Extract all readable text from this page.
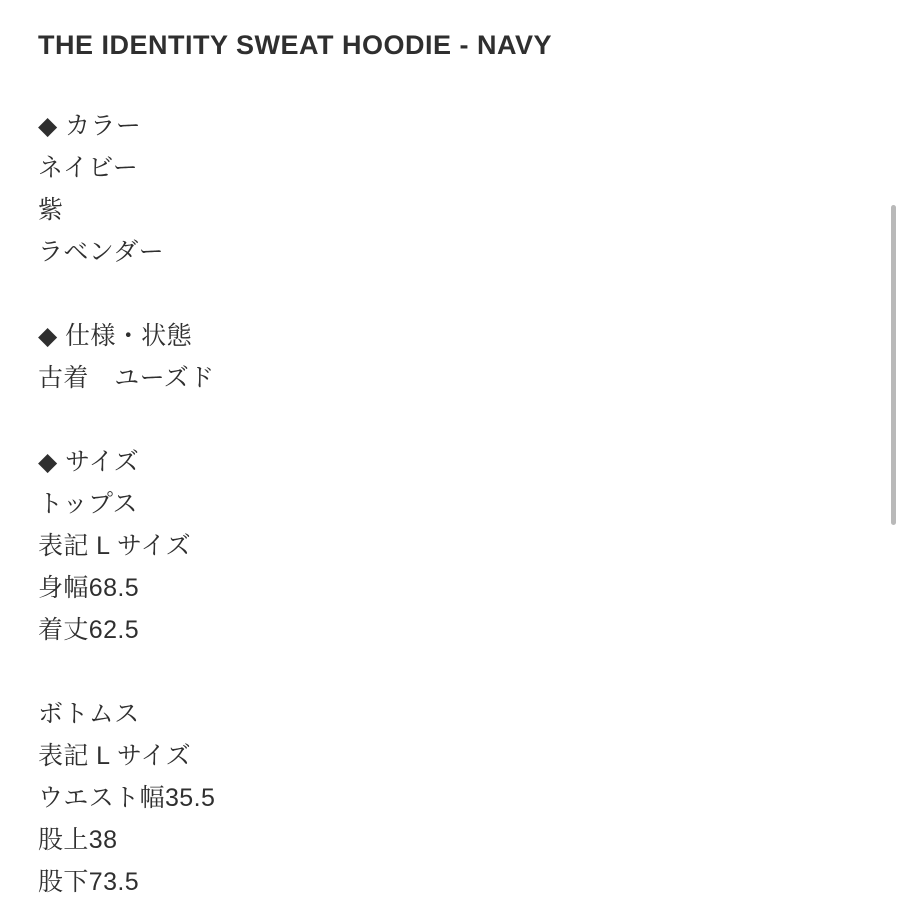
THE IDENTITY SWEAT HOODIE - NAVY
◆ カラー
ネイビー
紫
ラベンダー
◆ 仕様・状態
古着　ユーズド
◆ サイズ
トップス
表記 L サイズ
身幅68.5
着丈62.5
ボトムス
表記 L サイズ
ウエスト幅35.5
股上38
股下73.5
